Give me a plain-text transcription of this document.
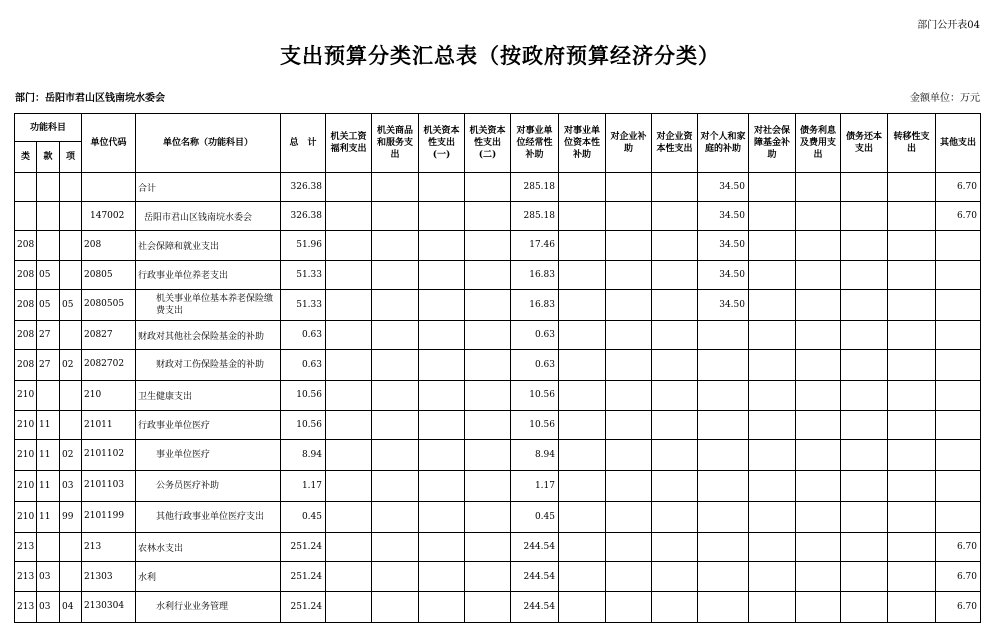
部门公开表04
支出预算分类汇总表（按政府预算经济分类）
部门：岳阳市君山区钱南垸水委会	金额单位：万元
功能科目			单位代码	单位名称（功能科目）	总　计	机关工资福利支出	机关商品和服务支出	机关资本性支出(一)	机关资本性支出(二)	对事业单位经常性补助	对事业单位资本性补助	对企业补助	对企业资本性支出	对个人和家庭的补助	对社会保障基金补助	债务利息及费用支出	债务还本支出	转移性支出	其他支出
类	款	项																	
				合计	326.38					285.18				34.50					6.70
			147002	岳阳市君山区钱南垸水委会	326.38					285.18				34.50					6.70
208			208	社会保障和就业支出	51.96					17.46				34.50					
208	05		20805	行政事业单位养老支出	51.33					16.83				34.50					
208	05	05	2080505	机关事业单位基本养老保险缴费支出	51.33					16.83				34.50					
208	27		20827	财政对其他社会保险基金的补助	0.63					0.63									
208	27	02	2082702	财政对工伤保险基金的补助	0.63					0.63									
210			210	卫生健康支出	10.56					10.56									
210	11		21011	行政事业单位医疗	10.56					10.56									
210	11	02	2101102	事业单位医疗	8.94					8.94									
210	11	03	2101103	公务员医疗补助	1.17					1.17									
210	11	99	2101199	其他行政事业单位医疗支出	0.45					0.45									
213			213	农林水支出	251.24					244.54									6.70
213	03		21303	水利	251.24					244.54									6.70
213	03	04	2130304	水利行业业务管理	251.24					244.54									6.70
